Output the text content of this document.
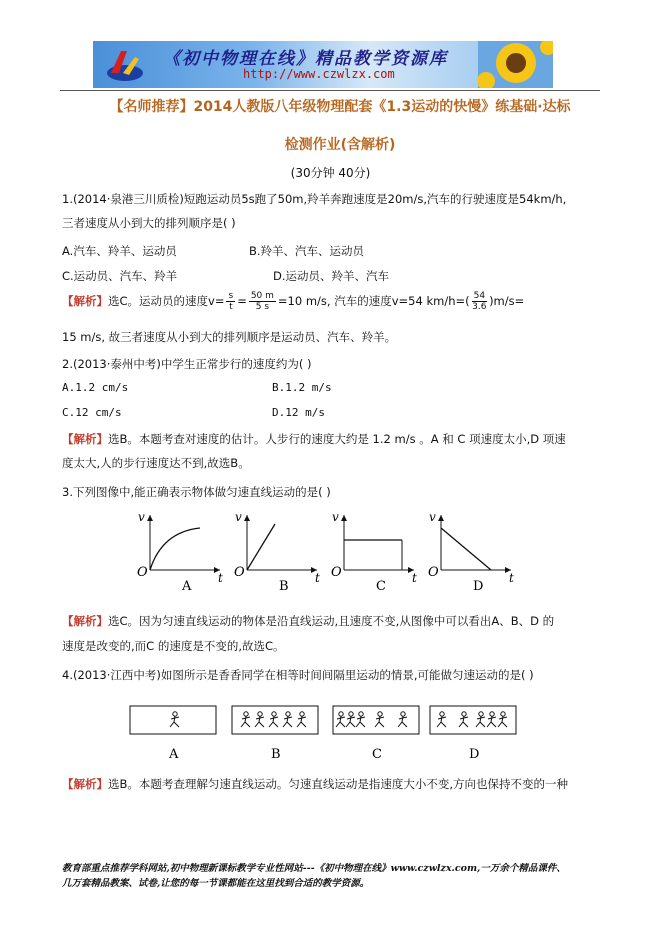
《初中物理在线》精品教学资源库
http://www.czwlzx.com
【名师推荐】2014人教版八年级物理配套《1.3运动的快慢》练基础·达标
检测作业(含解析)
(30分钟 40分)
1.(2014·泉港三川质检)短跑运动员5s跑了50m,羚羊奔跑速度是20m/s,汽车的行驶速度是54km/h,
三者速度从小到大的排列顺序是( )
A.汽车、羚羊、运动员	B.羚羊、汽车、运动员
C.运动员、汽车、羚羊	D.运动员、羚羊、汽车
【解析】选C。运动员的速度$v= \frac{s}{t} = \frac{50 m}{5 s} =10$ m/s, 汽车的速度v=54 $km/h=( \frac{54}{3.6} )m/s=$
15 m/s, 故三者速度从小到大的排列顺序是运动员、汽车、羚羊。
2.(2013·泰州中考)中学生正常步行的速度约为( )
A.1.2 cm/s	B.1.2 m/s
C.12 cm/s	D.12 m/s
【解析】选B。本题考查对速度的估计。人步行的速度大约是 1.2 m/s 。A 和 C 项速度太小,D 项速
度太大,人的步行速度达不到,故选B。
3.下列图像中,能正确表示物体做匀速直线运动的是( )
v
t
O
A
v
t
O
B
v
t
O
C
v
t
O
D
【解析】选C。因为匀速直线运动的物体是沿直线运动,且速度不变,从图像中可以看出A、B、D 的
速度是改变的,而C 的速度是不变的,故选C。
4.(2013·江西中考)如图所示是香香同学在相等时间间隔里运动的情景,可能做匀速运动的是( )
A	B	C	D
【解析】选B。本题考查理解匀速直线运动。匀速直线运动是指速度大小不变,方向也保持不变的一种
教育部重点推荐学科网站,初中物理新课标教学专业性网站---《初中物理在线》www.czwlzx.com,一万余个精品课件、
几万套精品教案、试卷,让您的每一节课都能在这里找到合适的教学资源。
